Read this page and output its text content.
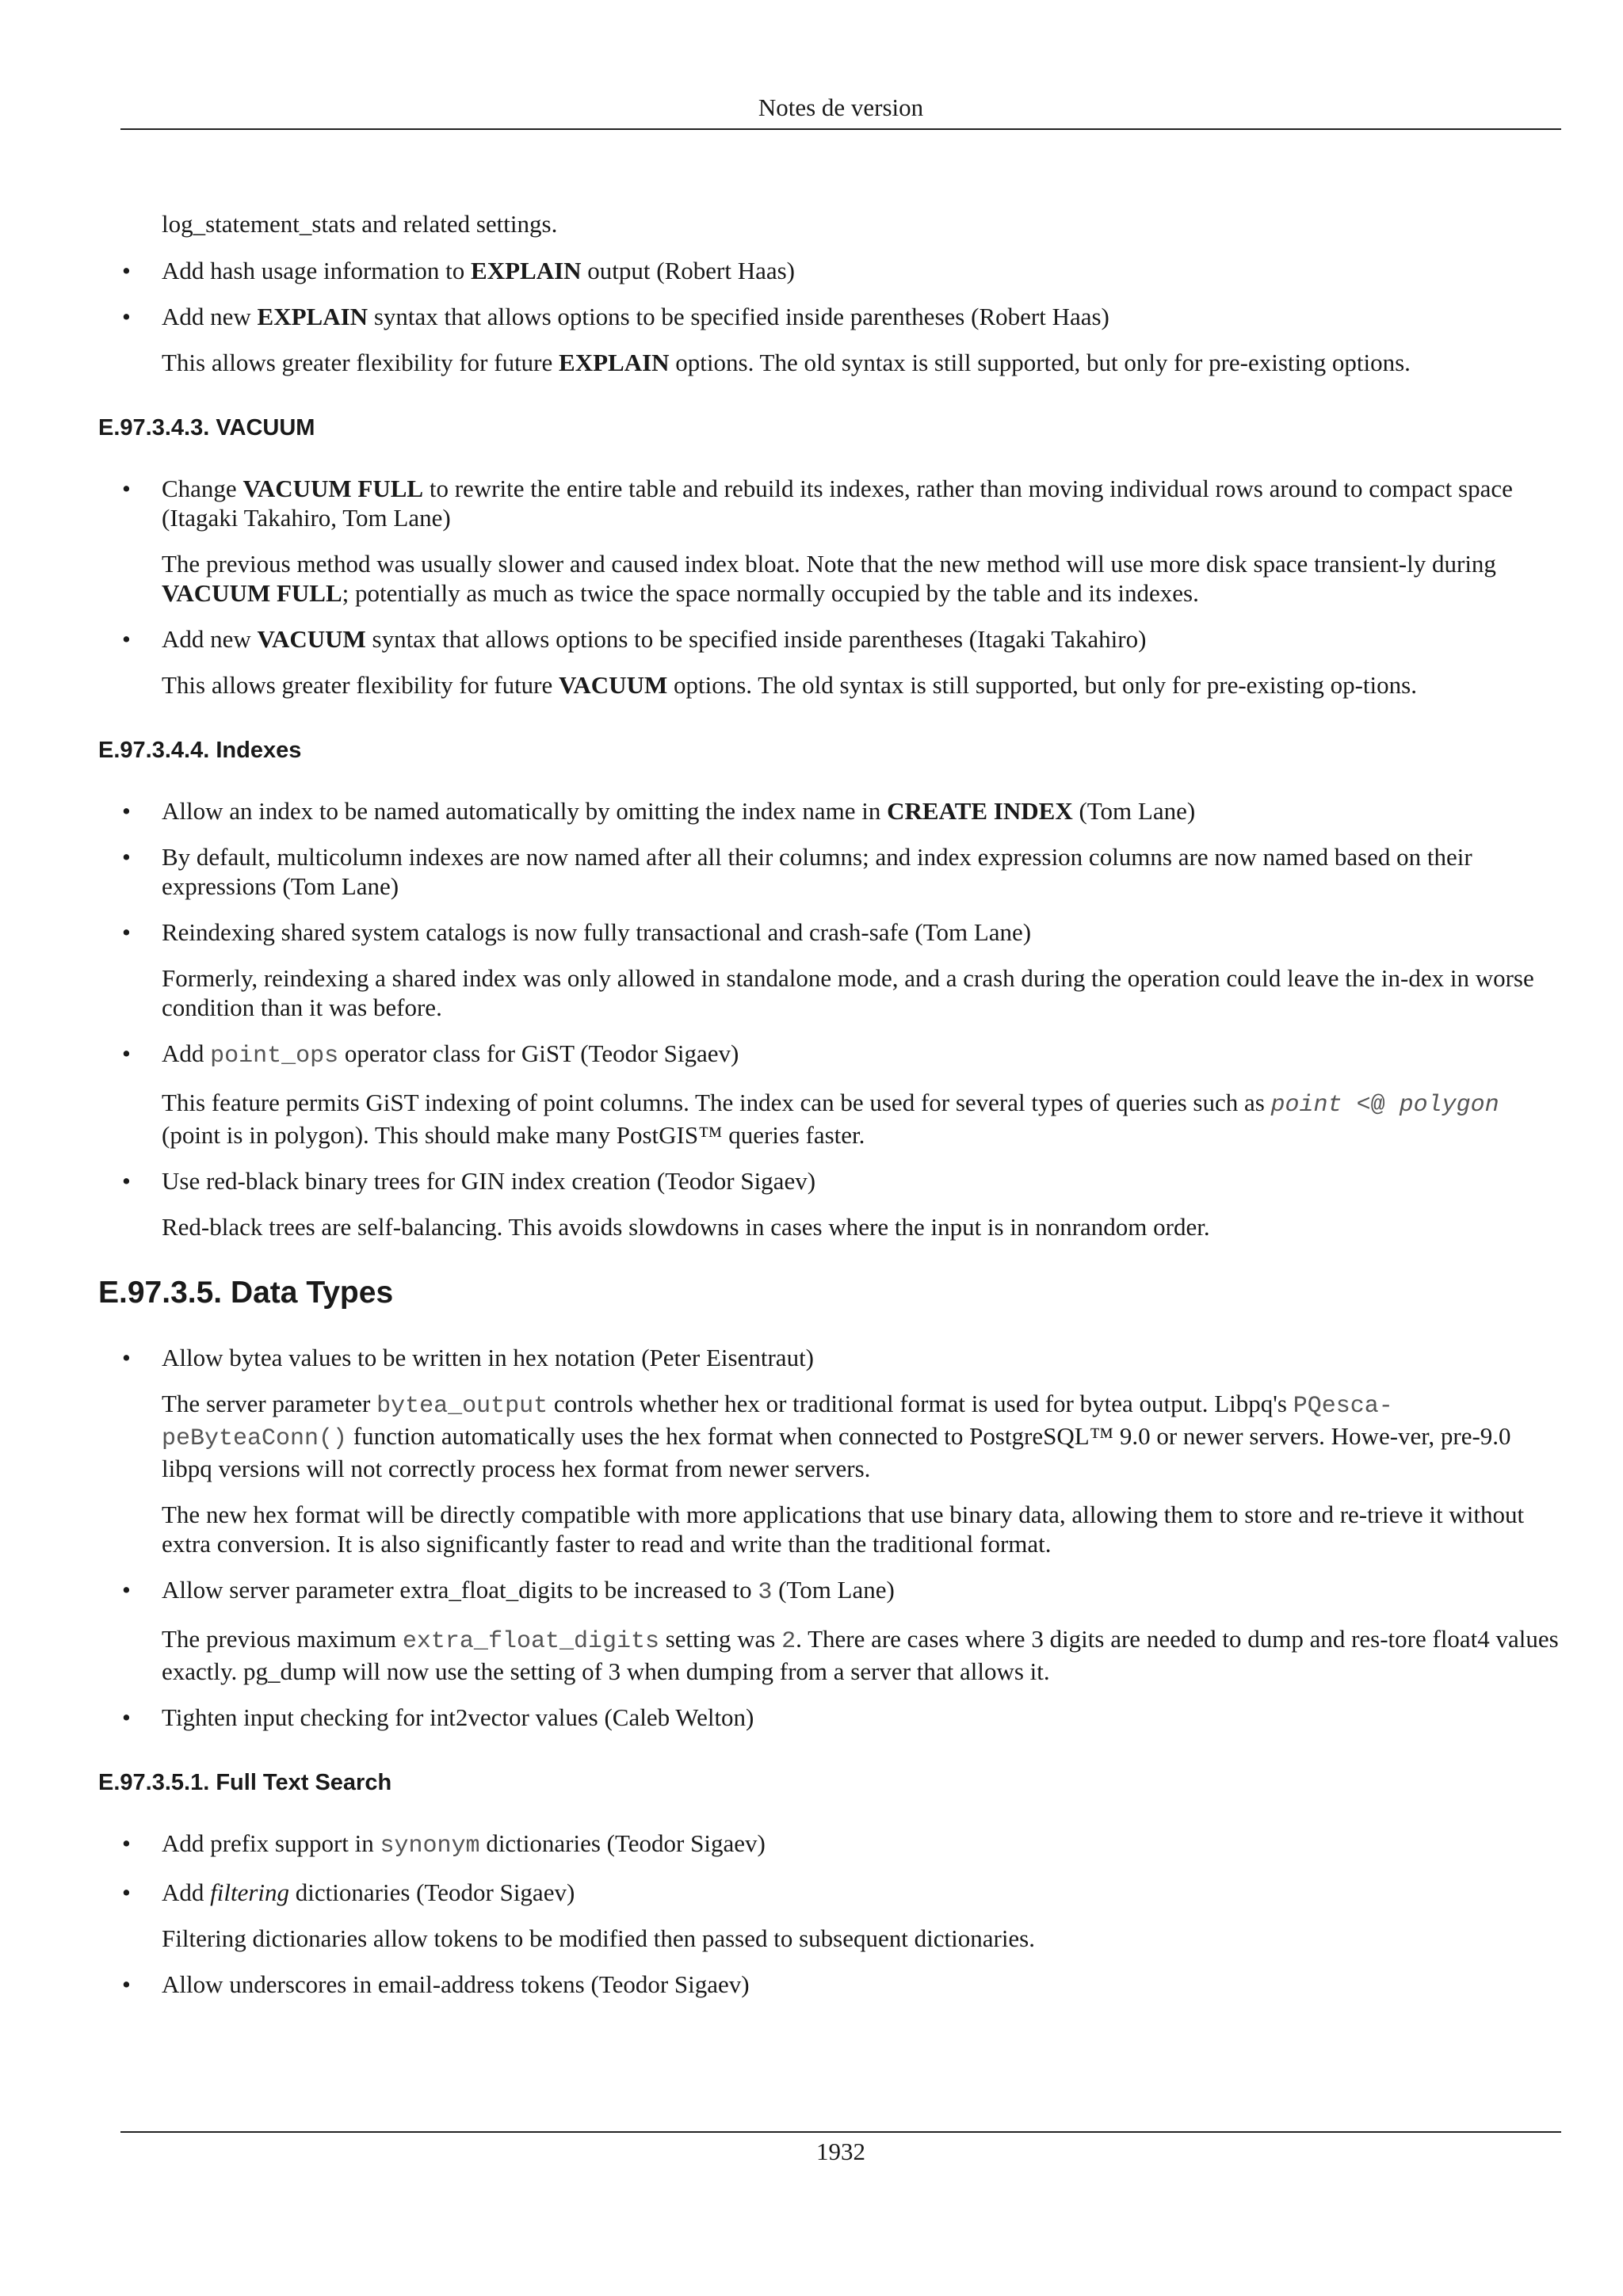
Notes de version

log_statement_stats and related settings.

• Add hash usage information to EXPLAIN output (Robert Haas)
• Add new EXPLAIN syntax that allows options to be specified inside parentheses (Robert Haas)

This allows greater flexibility for future EXPLAIN options. The old syntax is still supported, but only for pre-existing options.

E.97.3.4.3. VACUUM
• Change VACUUM FULL to rewrite the entire table and rebuild its indexes, rather than moving individual rows around to compact space (Itagaki Takahiro, Tom Lane)

The previous method was usually slower and caused index bloat. Note that the new method will use more disk space transient-ly during VACUUM FULL; potentially as much as twice the space normally occupied by the table and its indexes.

• Add new VACUUM syntax that allows options to be specified inside parentheses (Itagaki Takahiro)

This allows greater flexibility for future VACUUM options. The old syntax is still supported, but only for pre-existing op-tions.

E.97.3.4.4. Indexes
• Allow an index to be named automatically by omitting the index name in CREATE INDEX (Tom Lane)
• By default, multicolumn indexes are now named after all their columns; and index expression columns are now named based on their expressions (Tom Lane)
• Reindexing shared system catalogs is now fully transactional and crash-safe (Tom Lane)

Formerly, reindexing a shared index was only allowed in standalone mode, and a crash during the operation could leave the in-dex in worse condition than it was before.

• Add point_ops operator class for GiST (Teodor Sigaev)

This feature permits GiST indexing of point columns. The index can be used for several types of queries such as point <@ polygon (point is in polygon). This should make many PostGIS™ queries faster.

• Use red-black binary trees for GIN index creation (Teodor Sigaev)

Red-black trees are self-balancing. This avoids slowdowns in cases where the input is in nonrandom order.

E.97.3.5. Data Types
• Allow bytea values to be written in hex notation (Peter Eisentraut)

The server parameter bytea_output controls whether hex or traditional format is used for bytea output. Libpq's PQesca-peByteaConn() function automatically uses the hex format when connected to PostgreSQL™ 9.0 or newer servers. Howe-ver, pre-9.0 libpq versions will not correctly process hex format from newer servers.

The new hex format will be directly compatible with more applications that use binary data, allowing them to store and re-trieve it without extra conversion. It is also significantly faster to read and write than the traditional format.

• Allow server parameter extra_float_digits to be increased to 3 (Tom Lane)

The previous maximum extra_float_digits setting was 2. There are cases where 3 digits are needed to dump and res-tore float4 values exactly. pg_dump will now use the setting of 3 when dumping from a server that allows it.

• Tighten input checking for int2vector values (Caleb Welton)
E.97.3.5.1. Full Text Search
• Add prefix support in synonym dictionaries (Teodor Sigaev)
• Add filtering dictionaries (Teodor Sigaev)

Filtering dictionaries allow tokens to be modified then passed to subsequent dictionaries.

• Allow underscores in email-address tokens (Teodor Sigaev)
1932
